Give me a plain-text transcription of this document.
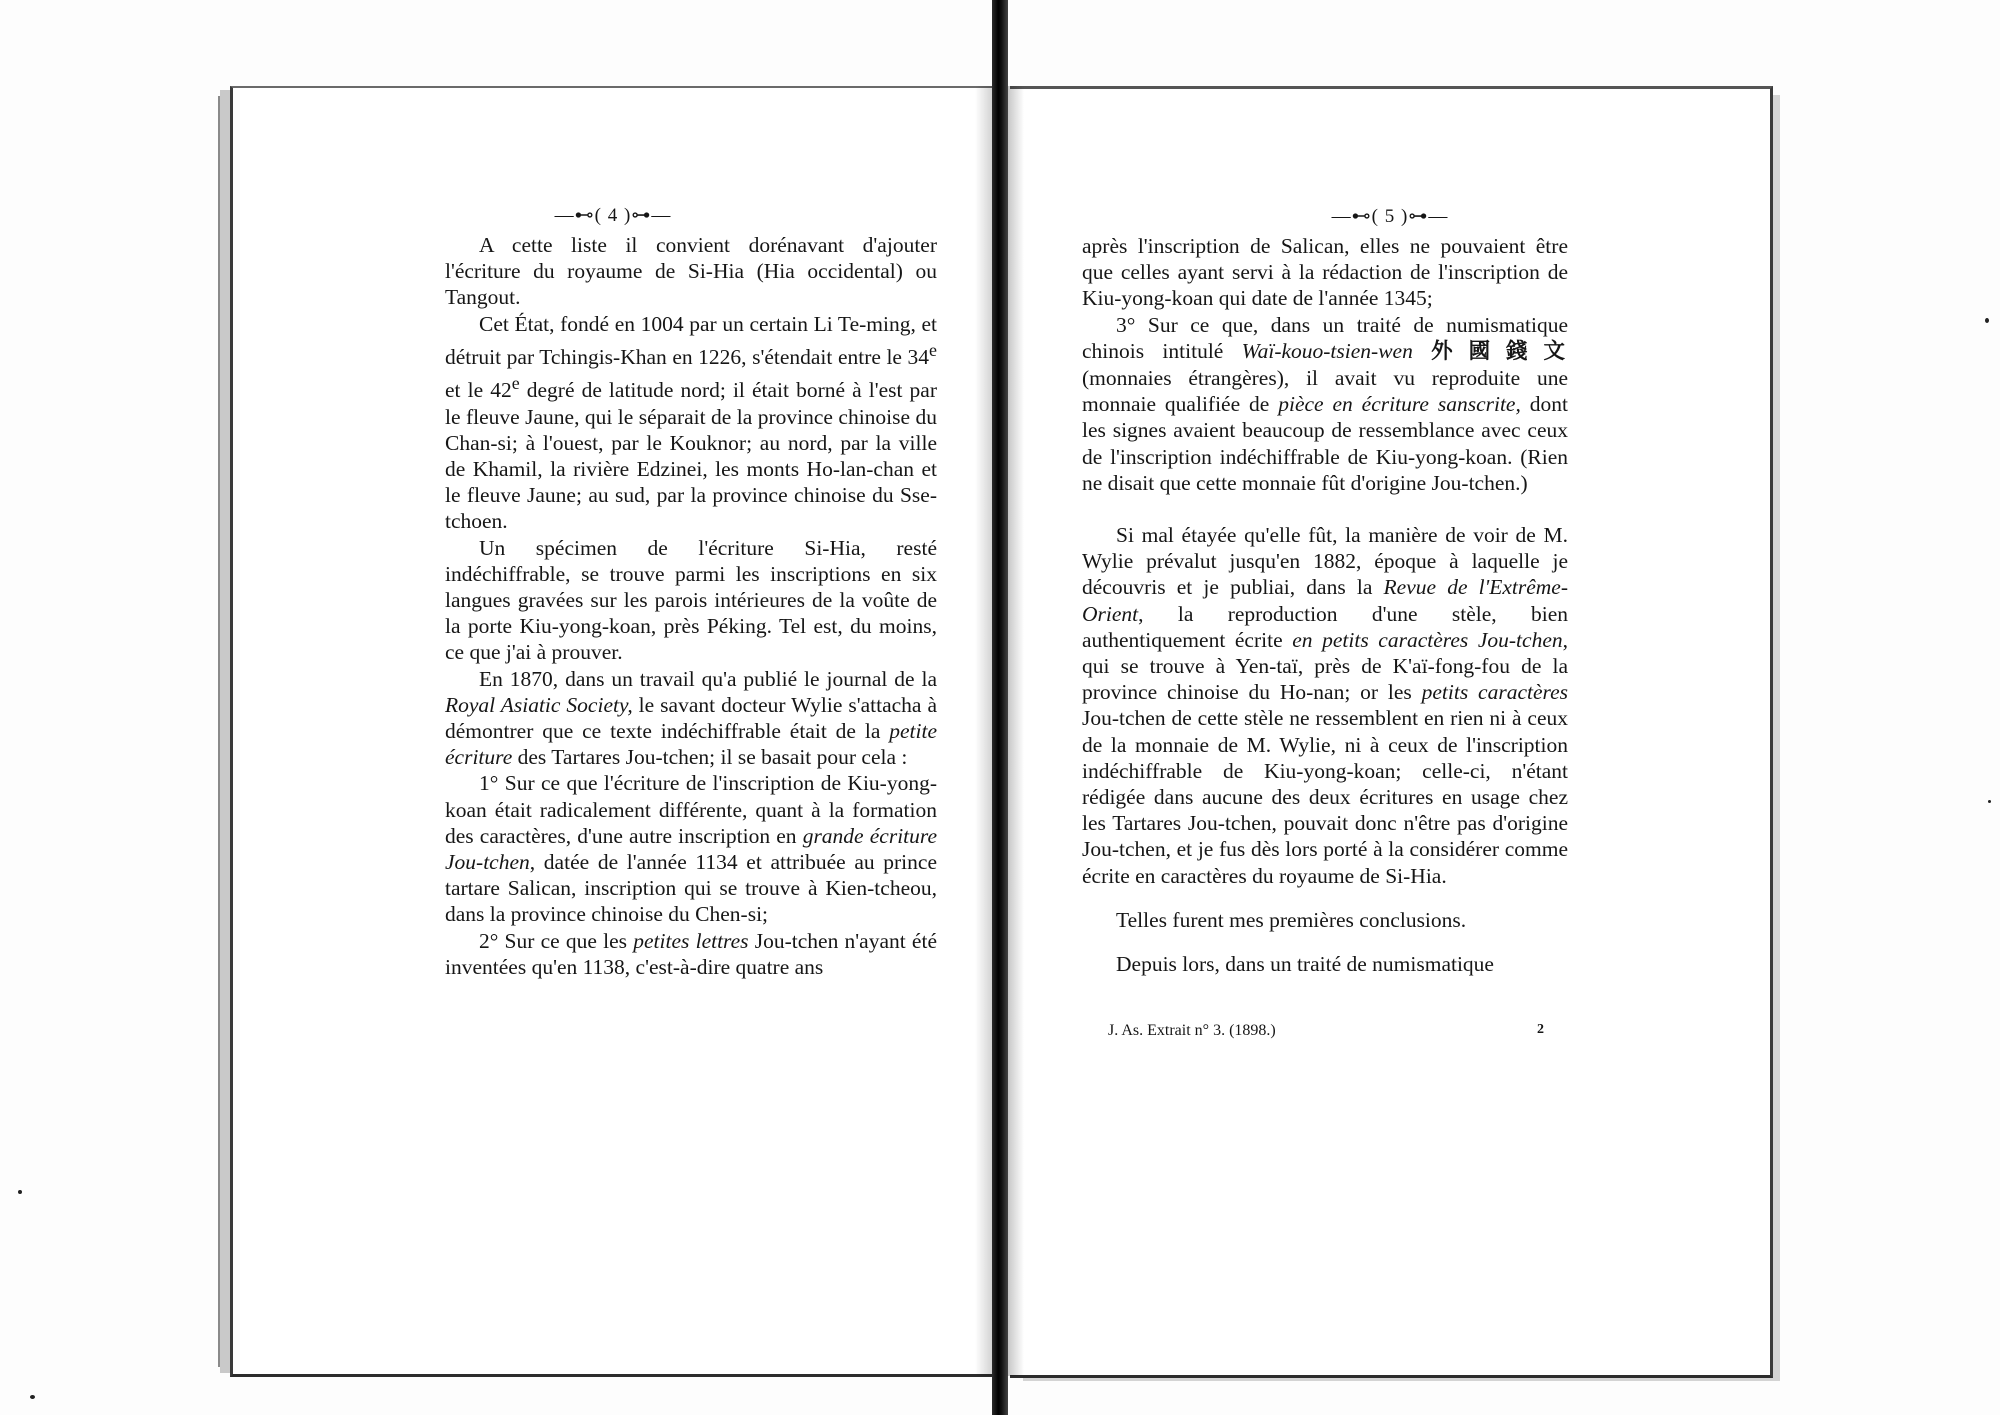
—⊷( 4 )⊶—

A cette liste il convient dorénavant d'ajouter l'écriture du royaume de Si-Hia (Hia occidental) ou Tangout.

Cet État, fondé en 1004 par un certain Li Te-ming, et détruit par Tchingis-Khan en 1226, s'étendait entre le 34e et le 42e degré de latitude nord; il était borné à l'est par le fleuve Jaune, qui le séparait de la province chinoise du Chan-si; à l'ouest, par le Kouknor; au nord, par la ville de Khamil, la rivière Edzinei, les monts Ho-lan-chan et le fleuve Jaune; au sud, par la province chinoise du Sse-tchoen.

Un spécimen de l'écriture Si-Hia, resté indéchiffrable, se trouve parmi les inscriptions en six langues gravées sur les parois intérieures de la voûte de la porte Kiu-yong-koan, près Péking. Tel est, du moins, ce que j'ai à prouver.

En 1870, dans un travail qu'a publié le journal de la Royal Asiatic Society, le savant docteur Wylie s'attacha à démontrer que ce texte indéchiffrable était de la petite écriture des Tartares Jou-tchen; il se basait pour cela :

1° Sur ce que l'écriture de l'inscription de Kiu-yong-koan était radicalement différente, quant à la formation des caractères, d'une autre inscription en grande écriture Jou-tchen, datée de l'année 1134 et attribuée au prince tartare Salican, inscription qui se trouve à Kien-tcheou, dans la province chinoise du Chen-si;

2° Sur ce que les petites lettres Jou-tchen n'ayant été inventées qu'en 1138, c'est-à-dire quatre ans

—⊷( 5 )⊶—

après l'inscription de Salican, elles ne pouvaient être que celles ayant servi à la rédaction de l'inscription de Kiu-yong-koan qui date de l'année 1345;

3° Sur ce que, dans un traité de numismatique chinois intitulé Waï-kouo-tsien-wen 外國錢文 (monnaies étrangères), il avait vu reproduite une monnaie qualifiée de pièce en écriture sanscrite, dont les signes avaient beaucoup de ressemblance avec ceux de l'inscription indéchiffrable de Kiu-yong-koan. (Rien ne disait que cette monnaie fût d'origine Jou-tchen.)

Si mal étayée qu'elle fût, la manière de voir de M. Wylie prévalut jusqu'en 1882, époque à laquelle je découvris et je publiai, dans la Revue de l'Extrême-Orient, la reproduction d'une stèle, bien authentiquement écrite en petits caractères Jou-tchen, qui se trouve à Yen-taï, près de K'aï-fong-fou de la province chinoise du Ho-nan; or les petits caractères Jou-tchen de cette stèle ne ressemblent en rien ni à ceux de la monnaie de M. Wylie, ni à ceux de l'inscription indéchiffrable de Kiu-yong-koan; celle-ci, n'étant rédigée dans aucune des deux écritures en usage chez les Tartares Jou-tchen, pouvait donc n'être pas d'origine Jou-tchen, et je fus dès lors porté à la considérer comme écrite en caractères du royaume de Si-Hia.

Telles furent mes premières conclusions.

Depuis lors, dans un traité de numismatique

J. As. Extrait n° 3. (1898.)	2
